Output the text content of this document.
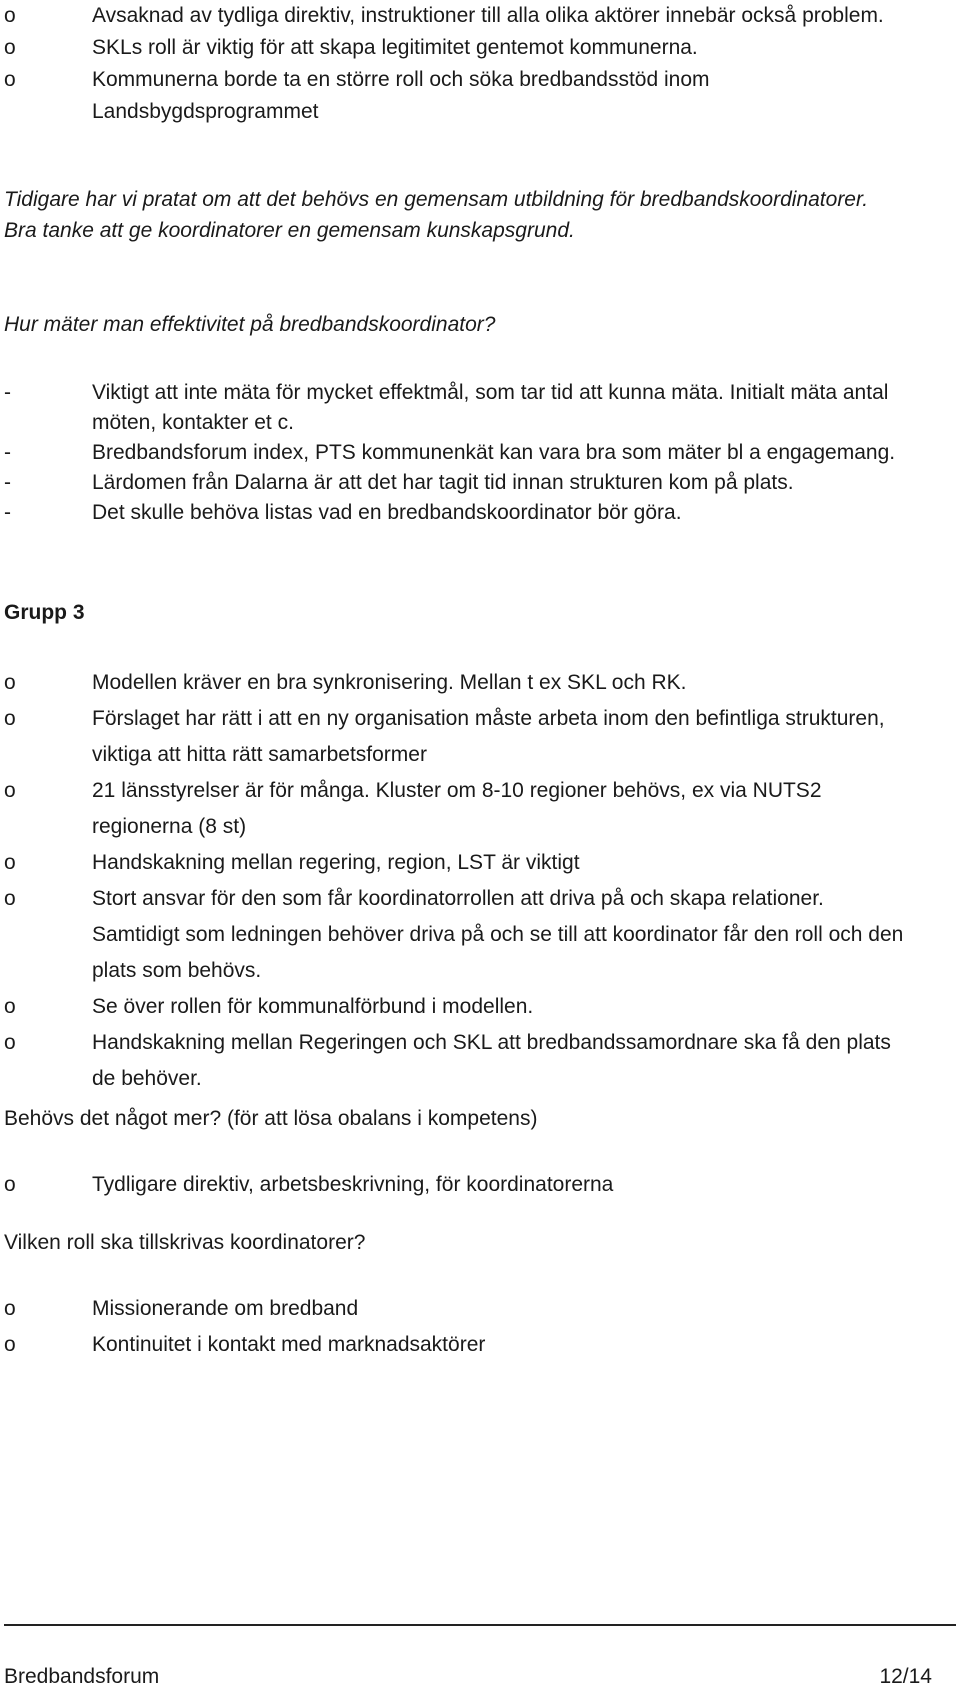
o	Avsaknad av tydliga direktiv, instruktioner till alla olika aktörer innebär också problem.
o	SKLs roll är viktig för att skapa legitimitet gentemot kommunerna.
o	Kommunerna borde ta en större roll och söka bredbandsstöd inom Landsbygdsprogrammet
Tidigare har vi pratat om att det behövs en gemensam utbildning för bredbandskoordinatorer. Bra tanke att ge koordinatorer en gemensam kunskapsgrund.
Hur mäter man effektivitet på bredbandskoordinator?
-	Viktigt att inte mäta för mycket effektmål, som tar tid att kunna mäta. Initialt mäta antal möten, kontakter et c.
-	Bredbandsforum index, PTS kommunenkät kan vara bra som mäter bl a engagemang.
-	Lärdomen från Dalarna är att det har tagit tid innan strukturen kom på plats.
-	Det skulle behöva listas vad en bredbandskoordinator bör göra.
Grupp 3
o	Modellen kräver en bra synkronisering. Mellan t ex SKL och RK.
o	Förslaget har rätt i att en ny organisation måste arbeta inom den befintliga strukturen, viktiga att hitta rätt samarbetsformer
o	21 länsstyrelser är för många. Kluster om 8-10 regioner behövs, ex via NUTS2 regionerna (8 st)
o	Handskakning mellan regering, region, LST är viktigt
o	Stort ansvar för den som får koordinatorrollen att driva på och skapa relationer. Samtidigt som ledningen behöver driva på och se till att koordinator får den roll och den plats som behövs.
o	Se över rollen för kommunalförbund i modellen.
o	Handskakning mellan Regeringen och SKL att bredbandssamordnare ska få den plats de behöver.
Behövs det något mer? (för att lösa obalans i kompetens)
o	Tydligare direktiv, arbetsbeskrivning, för koordinatorerna
Vilken roll ska tillskrivas koordinatorer?
o	Missionerande om bredband
o	Kontinuitet i kontakt med marknadsaktörer
Bredbandsforum	12/14
